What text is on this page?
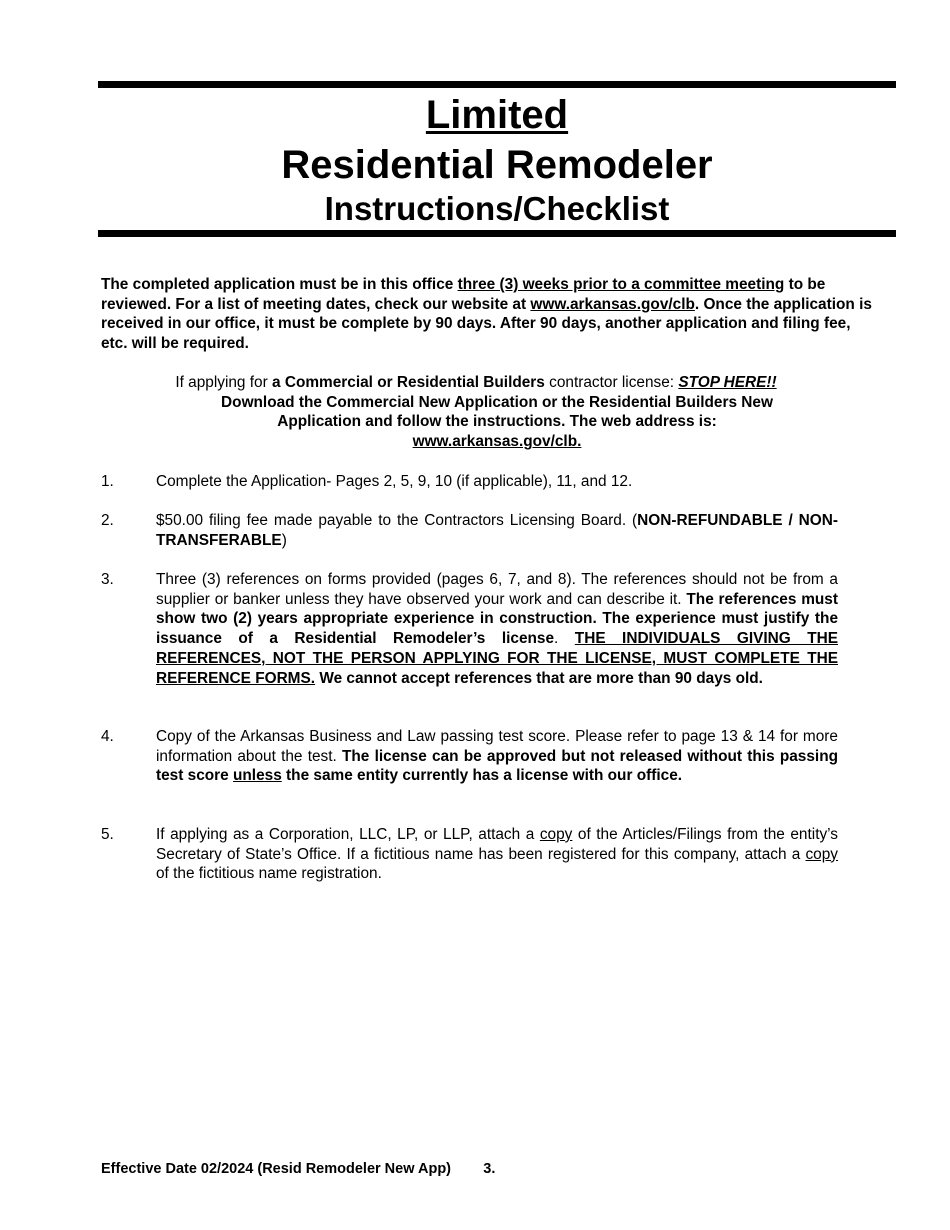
Limited
Residential Remodeler
Instructions/Checklist
The completed application must be in this office three (3) weeks prior to a committee meeting to be reviewed. For a list of meeting dates, check our website at www.arkansas.gov/clb. Once the application is received in our office, it must be complete by 90 days. After 90 days, another application and filing fee, etc. will be required.
If applying for a Commercial or Residential Builders contractor license: STOP HERE!!
Download the Commercial New Application or the Residential Builders New
Application and follow the instructions. The web address is:
www.arkansas.gov/clb.
1.	Complete the Application- Pages 2, 5, 9, 10 (if applicable), 11, and 12.
2.	$50.00 filing fee made payable to the Contractors Licensing Board. (NON-REFUNDABLE / NON-TRANSFERABLE)
3.	Three (3) references on forms provided (pages 6, 7, and 8). The references should not be from a supplier or banker unless they have observed your work and can describe it. The references must show two (2) years appropriate experience in construction. The experience must justify the issuance of a Residential Remodeler’s license. THE INDIVIDUALS GIVING THE REFERENCES, NOT THE PERSON APPLYING FOR THE LICENSE, MUST COMPLETE THE REFERENCE FORMS. We cannot accept references that are more than 90 days old.
4.	Copy of the Arkansas Business and Law passing test score. Please refer to page 13 & 14 for more information about the test. The license can be approved but not released without this passing test score unless the same entity currently has a license with our office.
5.	If applying as a Corporation, LLC, LP, or LLP, attach a copy of the Articles/Filings from the entity’s Secretary of State’s Office. If a fictitious name has been registered for this company, attach a copy of the fictitious name registration.
Effective Date 02/2024 (Resid Remodeler New App) 3.
